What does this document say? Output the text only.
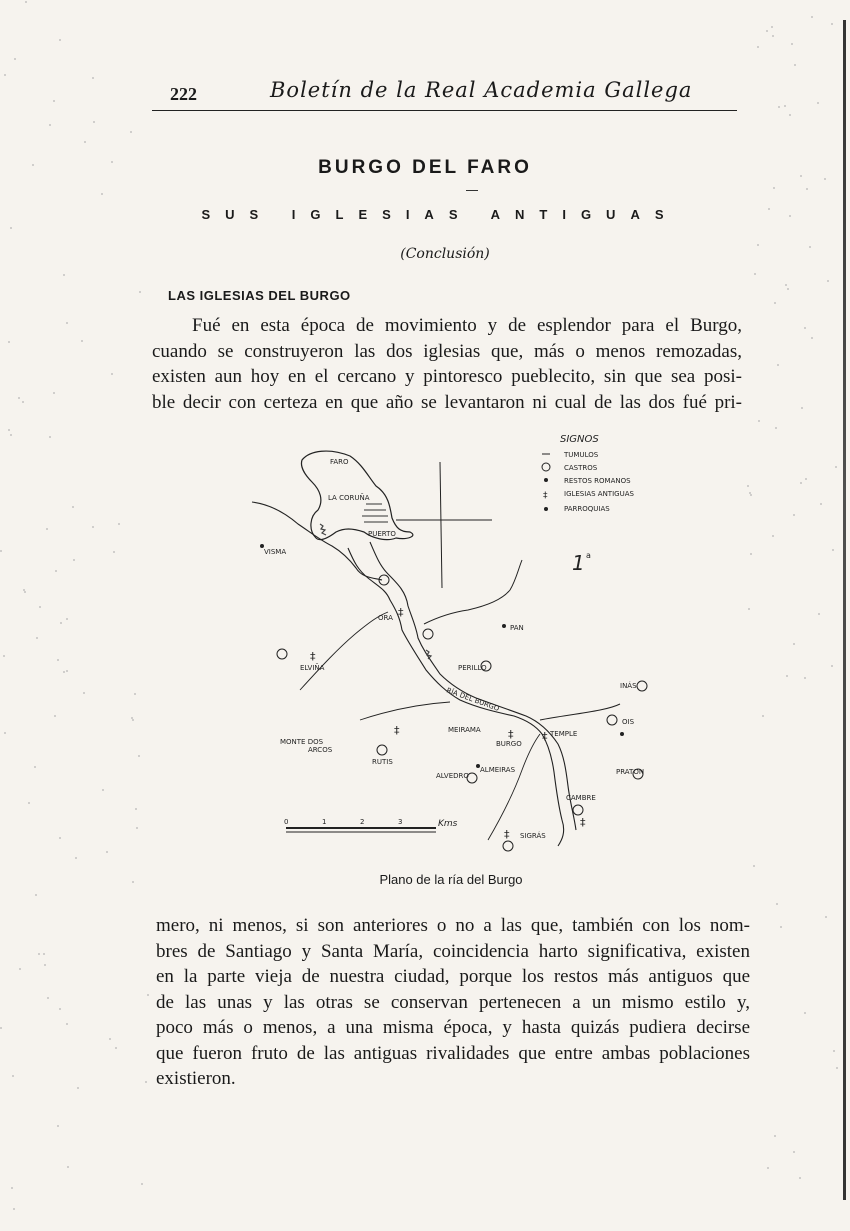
222	Boletín de la Real Academia Gallega
BURGO DEL FARO
SUS IGLESIAS ANTIGUAS
(Conclusión)
LAS IGLESIAS DEL BURGO
Fué en esta época de movimiento y de esplendor para el Burgo,
cuando se construyeron las dos iglesias que, más o menos remozadas,
existen aun hoy en el cercano y pintoresco pueblecito, sin que sea posi-
ble decir con certeza en que año se levantaron ni cual de las dos fué pri-
SIGNOS
TUMULOS
CASTROS
RESTOS ROMANOS
‡ IGLESIAS ANTIGUAS
PARROQUIAS
1 a
‡
‡
‡	‡	‡
‡
‡
FARO
LA CORUÑA
PUERTO
VISMA
ORA
ELVIÑA
PAN
PERILLO
RÍA DEL BURGO
INÁS
OIS
TEMPLE
BURGO
MEIRAMA
MONTE DOS
ARCOS
RUTIS
ALVEDRO
ALMEIRAS	PRATON
CAMBRE
SIGRÁS
0	1	2	3	Kms
Plano de la ría del Burgo
mero, ni menos, si son anteriores o no a las que, también con los nom-
bres de Santiago y Santa María, coincidencia harto significativa, existen
en la parte vieja de nuestra ciudad, porque los restos más antiguos que
de las unas y las otras se conservan pertenecen a un mismo estilo y,
poco más o menos, a una misma época, y hasta quizás pudiera decirse
que fueron fruto de las antiguas rivalidades que entre ambas poblaciones
existieron.
